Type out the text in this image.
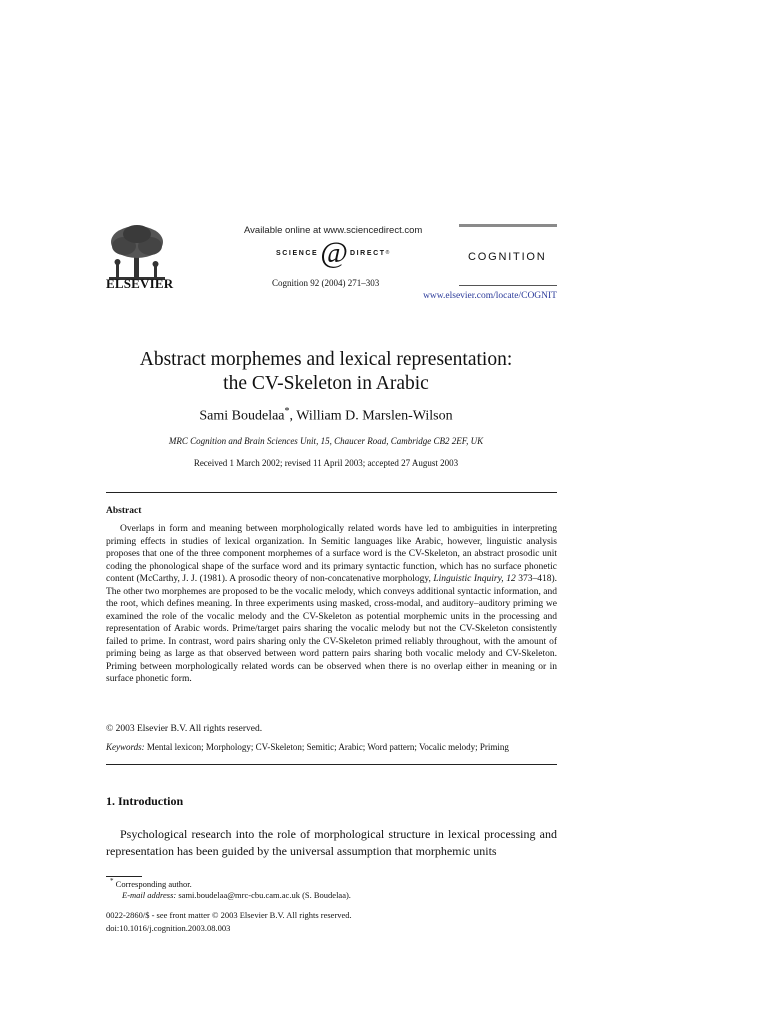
ELSEVIER
Available online at www.sciencedirect.com
SCIENCE @ DIRECT ®
Cognition 92 (2004) 271–303
COGNITION
www.elsevier.com/locate/COGNIT
Abstract morphemes and lexical representation:
the CV-Skeleton in Arabic
Sami Boudelaa*, William D. Marslen-Wilson
MRC Cognition and Brain Sciences Unit, 15, Chaucer Road, Cambridge CB2 2EF, UK
Received 1 March 2002; revised 11 April 2003; accepted 27 August 2003
Abstract
Overlaps in form and meaning between morphologically related words have led to ambiguities in interpreting priming effects in studies of lexical organization. In Semitic languages like Arabic, however, linguistic analysis proposes that one of the three component morphemes of a surface word is the CV-Skeleton, an abstract prosodic unit coding the phonological shape of the surface word and its primary syntactic function, which has no surface phonetic content (McCarthy, J. J. (1981). A prosodic theory of non-concatenative morphology, Linguistic Inquiry, 12 373–418). The other two morphemes are proposed to be the vocalic melody, which conveys additional syntactic information, and the root, which defines meaning. In three experiments using masked, cross-modal, and auditory–auditory priming we examined the role of the vocalic melody and the CV-Skeleton as potential morphemic units in the processing and representation of Arabic words. Prime/target pairs sharing the vocalic melody but not the CV-Skeleton consistently failed to prime. In contrast, word pairs sharing only the CV-Skeleton primed reliably throughout, with the amount of priming being as large as that observed between word pattern pairs sharing both vocalic melody and CV-Skeleton. Priming between morphologically related words can be observed when there is no overlap either in meaning or in surface phonetic form.
© 2003 Elsevier B.V. All rights reserved.
Keywords: Mental lexicon; Morphology; CV-Skeleton; Semitic; Arabic; Word pattern; Vocalic melody; Priming
1. Introduction
Psychological research into the role of morphological structure in lexical processing and representation has been guided by the universal assumption that morphemic units
* Corresponding author.
E-mail address: sami.boudelaa@mrc-cbu.cam.ac.uk (S. Boudelaa).
0022-2860/$ - see front matter © 2003 Elsevier B.V. All rights reserved.
doi:10.1016/j.cognition.2003.08.003
